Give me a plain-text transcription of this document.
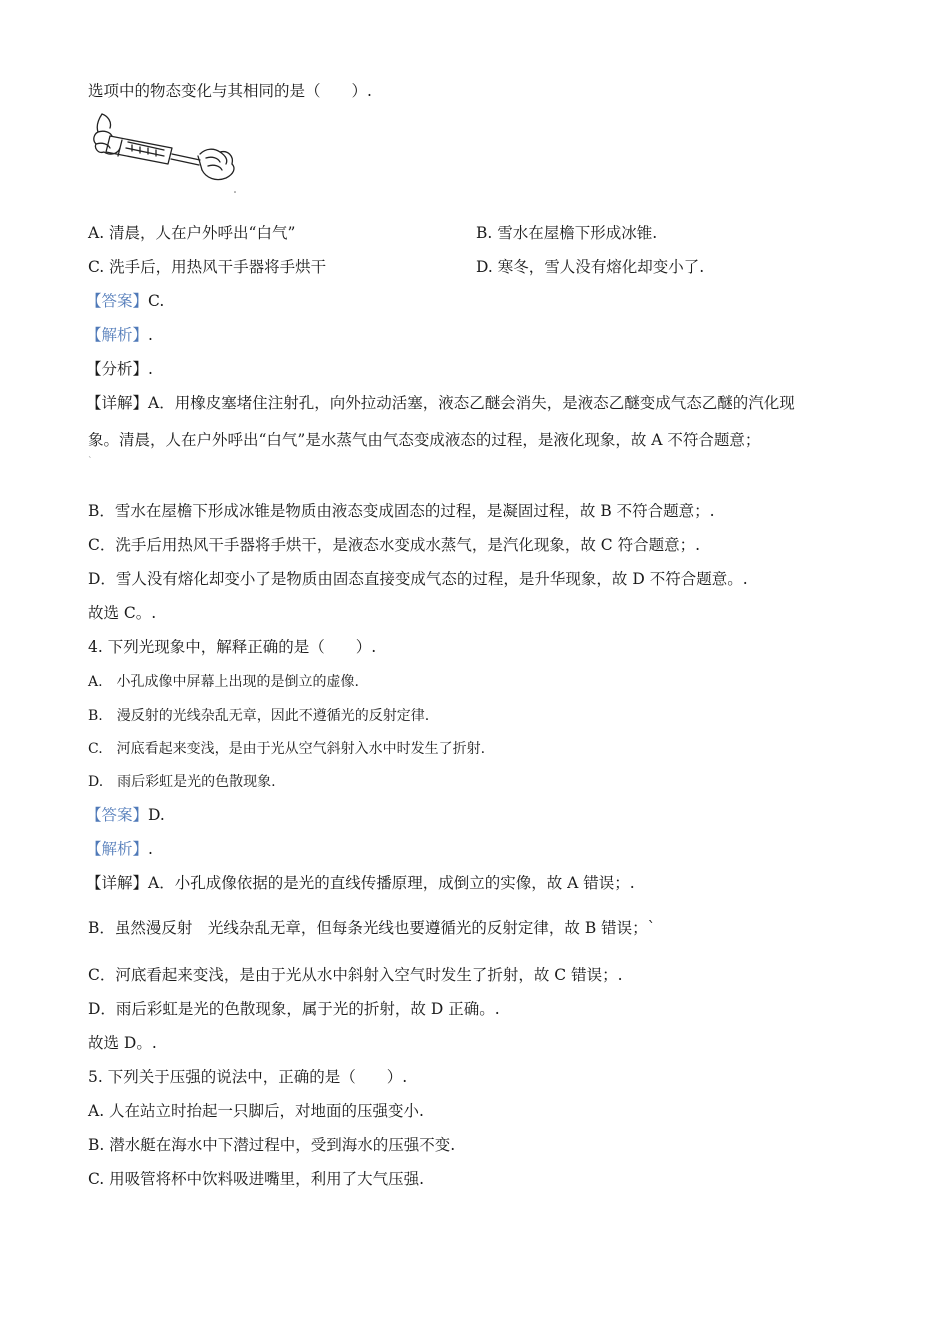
选项中的物态变化与其相同的是（　　）.
A. 清晨，人在户外呼出“白气”	B. 雪水在屋檐下形成冰锥.
C. 洗手后，用热风干手器将手烘干	D. 寒冬，雪人没有熔化却变小了.
【答案】C.
【解析】.
【分析】.
【详解】A．用橡皮塞堵住注射孔，向外拉动活塞，液态乙醚会消失，是液态乙醚变成气态乙醚的汽化现
象。清晨，人在户外呼出“白气”是水蒸气由气态变成液态的过程，是液化现象，故 A 不符合题意；
`
B．雪水在屋檐下形成冰锥是物质由液态变成固态的过程，是凝固过程，故 B 不符合题意；.
C．洗手后用热风干手器将手烘干，是液态水变成水蒸气，是汽化现象，故 C 符合题意；.
D．雪人没有熔化却变小了是物质由固态直接变成气态的过程，是升华现象，故 D 不符合题意。.
故选 C。.
4. 下列光现象中，解释正确的是（　　）.
A.　小孔成像中屏幕上出现的是倒立的虚像.
B.　漫反射的光线杂乱无章，因此不遵循光的反射定律.
C.　河底看起来变浅，是由于光从空气斜射入水中时发生了折射.
D.　雨后彩虹是光的色散现象.
【答案】D.
【解析】.
【详解】A．小孔成像依据的是光的直线传播原理，成倒立的实像，故 A 错误；.
B．虽然漫反射　光线杂乱无章，但每条光线也要遵循光的反射定律，故 B 错误；`
C．河底看起来变浅，是由于光从水中斜射入空气时发生了折射，故 C 错误；.
D．雨后彩虹是光的色散现象，属于光的折射，故 D 正确。.
故选 D。.
5. 下列关于压强的说法中，正确的是（　　）.
A. 人在站立时抬起一只脚后，对地面的压强变小.
B. 潜水艇在海水中下潜过程中，受到海水的压强不变.
C. 用吸管将杯中饮料吸进嘴里，利用了大气压强.
